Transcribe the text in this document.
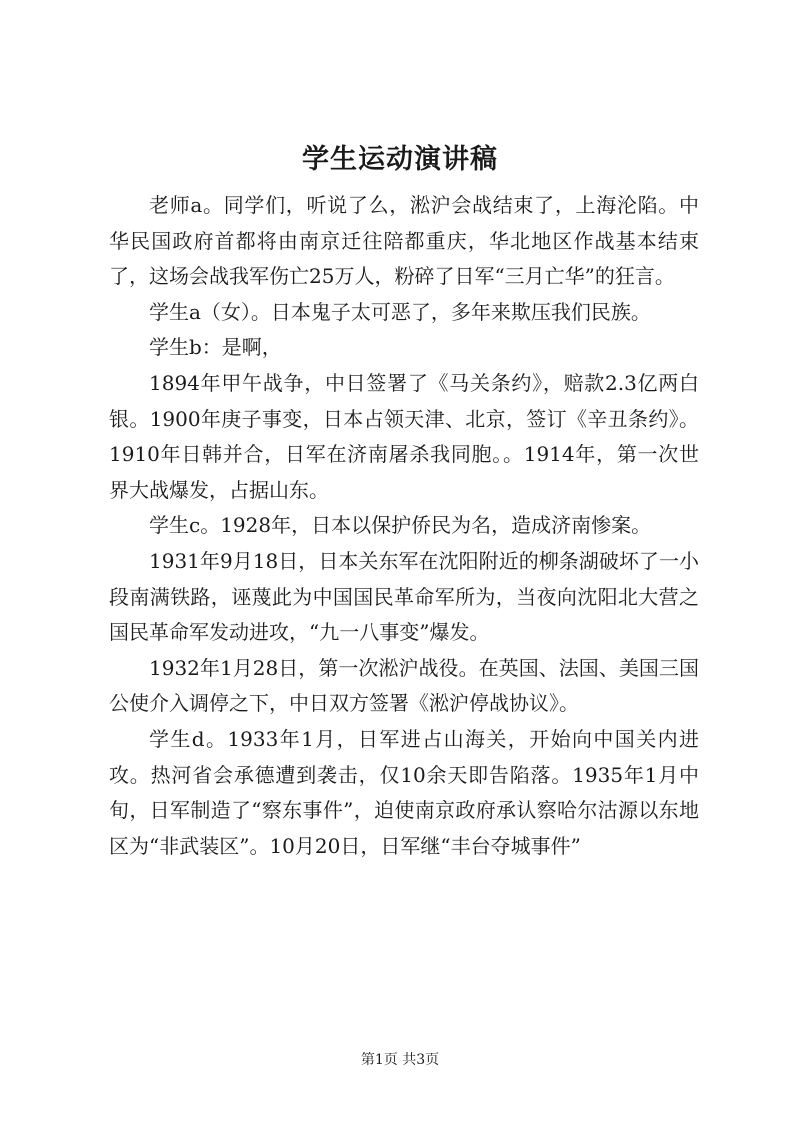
学生运动演讲稿

老师a。同学们，听说了么，淞沪会战结束了，上海沦陷。中华民国政府首都将由南京迁往陪都重庆，华北地区作战基本结束了，这场会战我军伤亡25万人，粉碎了日军“三月亡华”的狂言。

学生a（女）。日本鬼子太可恶了，多年来欺压我们民族。

学生b：是啊，

1894年甲午战争，中日签署了《马关条约》，赔款2.3亿两白银。1900年庚子事变，日本占领天津、北京，签订《辛丑条约》。1910年日韩并合，日军在济南屠杀我同胞。。1914年，第一次世界大战爆发，占据山东。

学生c。1928年，日本以保护侨民为名，造成济南惨案。

1931年9月18日，日本关东军在沈阳附近的柳条湖破坏了一小段南满铁路，诬蔑此为中国国民革命军所为，当夜向沈阳北大营之国民革命军发动进攻，“九一八事变”爆发。

1932年1月28日，第一次淞沪战役。在英国、法国、美国三国公使介入调停之下，中日双方签署《淞沪停战协议》。

学生d。1933年1月，日军进占山海关，开始向中国关内进攻。热河省会承德遭到袭击，仅10余天即告陷落。1935年1月中旬，日军制造了“察东事件”，迫使南京政府承认察哈尔沽源以东地区为“非武装区”。10月20日，日军继“丰台夺城事件”

第1页 共3页
